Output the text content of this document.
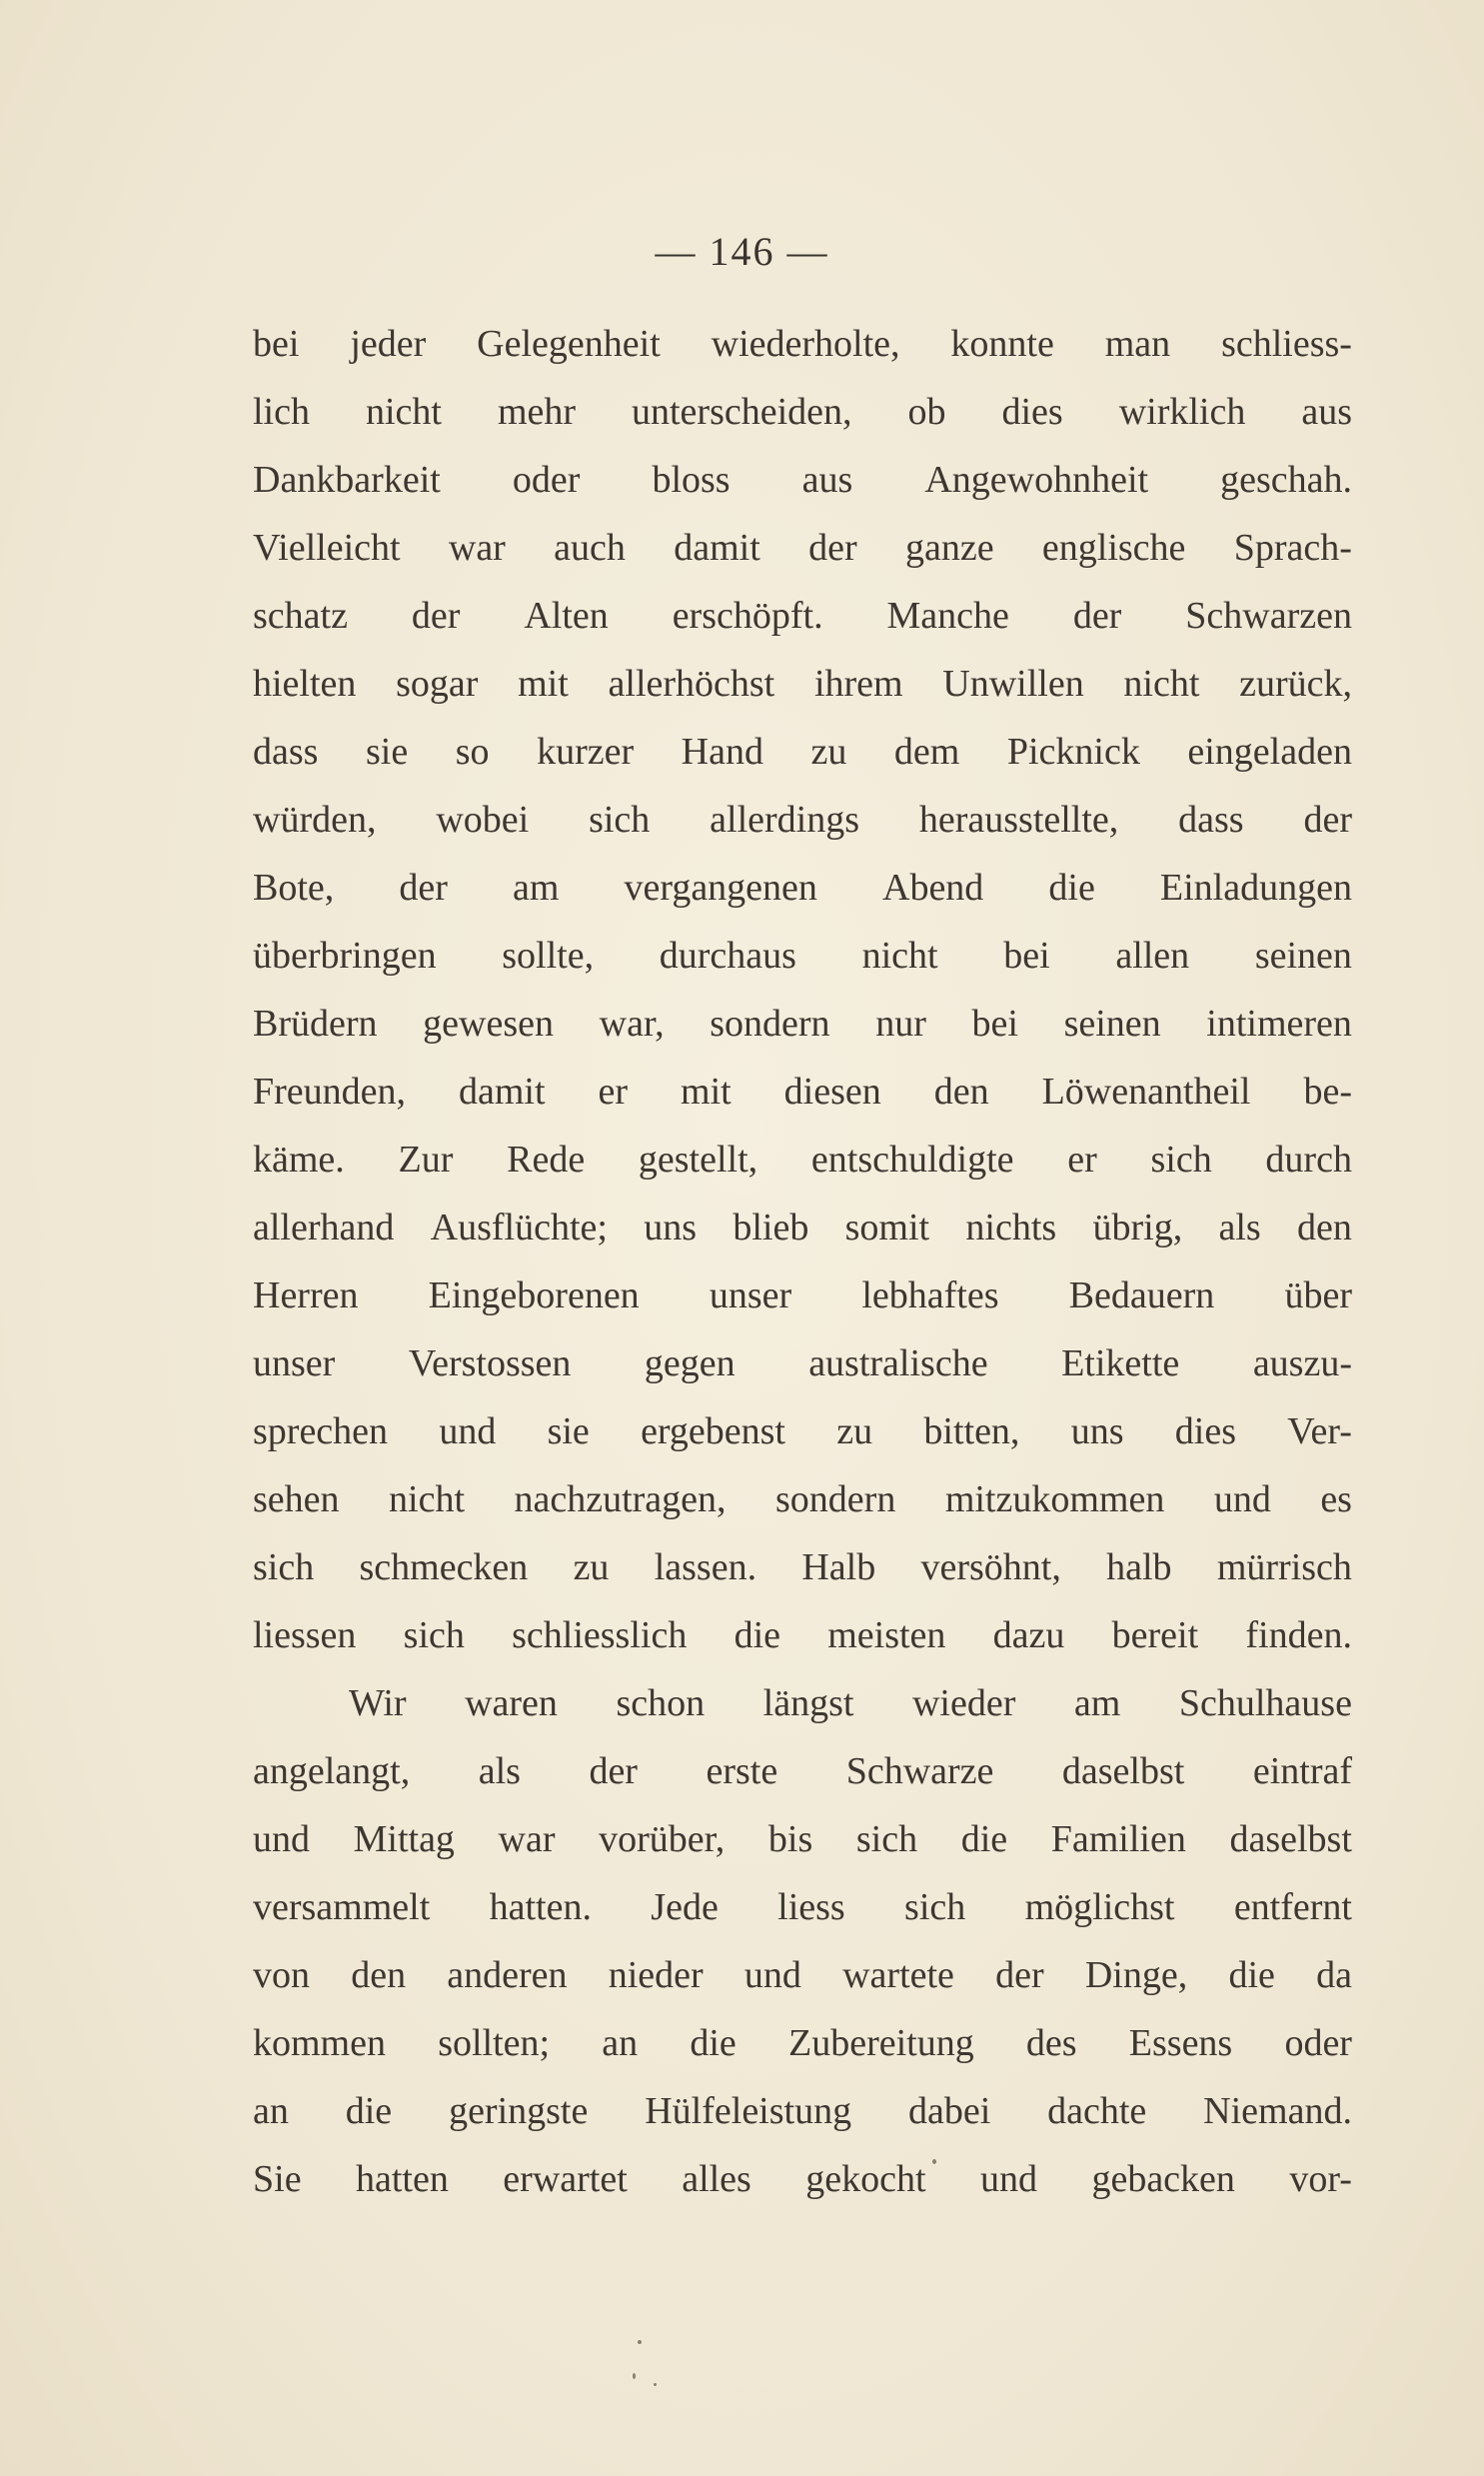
— 146 —
bei jeder Gelegenheit wiederholte, konnte man schliess-
lich nicht mehr unterscheiden, ob dies wirklich aus
Dankbarkeit oder bloss aus Angewohnheit geschah.
Vielleicht war auch damit der ganze englische Sprach-
schatz der Alten erschöpft. Manche der Schwarzen
hielten sogar mit allerhöchst ihrem Unwillen nicht zurück,
dass sie so kurzer Hand zu dem Picknick eingeladen
würden, wobei sich allerdings herausstellte, dass der
Bote, der am vergangenen Abend die Einladungen
überbringen sollte, durchaus nicht bei allen seinen
Brüdern gewesen war, sondern nur bei seinen intimeren
Freunden, damit er mit diesen den Löwenantheil be-
käme. Zur Rede gestellt, entschuldigte er sich durch
allerhand Ausflüchte; uns blieb somit nichts übrig, als den
Herren Eingeborenen unser lebhaftes Bedauern über
unser Verstossen gegen australische Etikette auszu-
sprechen und sie ergebenst zu bitten, uns dies Ver-
sehen nicht nachzutragen, sondern mitzukommen und es
sich schmecken zu lassen. Halb versöhnt, halb mürrisch
liessen sich schliesslich die meisten dazu bereit finden.
Wir waren schon längst wieder am Schulhause
angelangt, als der erste Schwarze daselbst eintraf
und Mittag war vorüber, bis sich die Familien daselbst
versammelt hatten. Jede liess sich möglichst entfernt
von den anderen nieder und wartete der Dinge, die da
kommen sollten; an die Zubereitung des Essens oder
an die geringste Hülfeleistung dabei dachte Niemand.
Sie hatten erwartet alles gekocht und gebacken vor-
